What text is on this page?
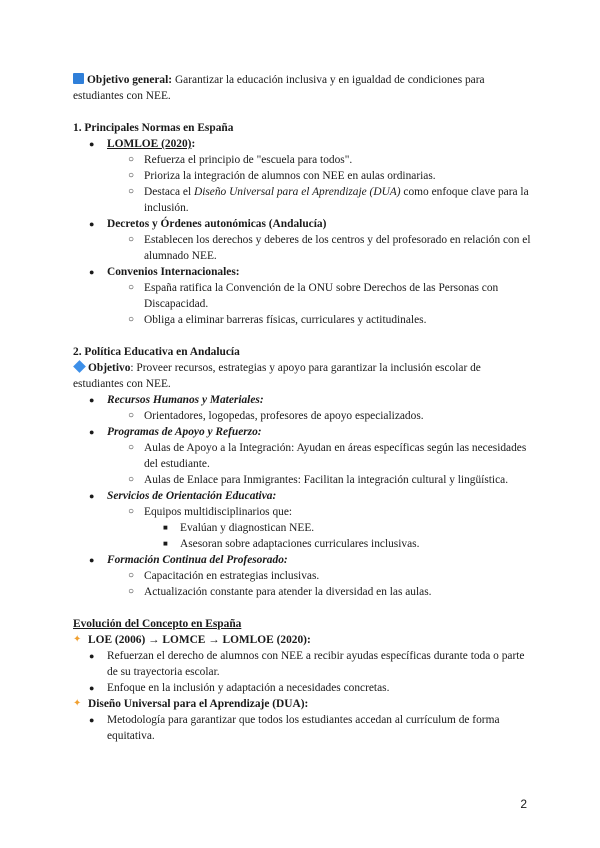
Objetivo general: Garantizar la educación inclusiva y en igualdad de condiciones para estudiantes con NEE.

1. Principales Normas en España

● LOMLOE (2020):
○ Refuerza el principio de "escuela para todos".
○ Prioriza la integración de alumnos con NEE en aulas ordinarias.
○ Destaca el Diseño Universal para el Aprendizaje (DUA) como enfoque clave para la inclusión.
● Decretos y Órdenes autonómicas (Andalucía)
○ Establecen los derechos y deberes de los centros y del profesorado en relación con el alumnado NEE.
● Convenios Internacionales:
○ España ratifica la Convención de la ONU sobre Derechos de las Personas con Discapacidad.
○ Obliga a eliminar barreras físicas, curriculares y actitudinales.

2. Política Educativa en Andalucía

Objetivo: Proveer recursos, estrategias y apoyo para garantizar la inclusión escolar de estudiantes con NEE.

● Recursos Humanos y Materiales:
○ Orientadores, logopedas, profesores de apoyo especializados.
● Programas de Apoyo y Refuerzo:
○ Aulas de Apoyo a la Integración: Ayudan en áreas específicas según las necesidades del estudiante.
○ Aulas de Enlace para Inmigrantes: Facilitan la integración cultural y lingüística.
● Servicios de Orientación Educativa:
○ Equipos multidisciplinarios que:
■ Evalúan y diagnostican NEE.
■ Asesoran sobre adaptaciones curriculares inclusivas.
● Formación Continua del Profesorado:
○ Capacitación en estrategias inclusivas.
○ Actualización constante para atender la diversidad en las aulas.

Evolución del Concepto en España

✦ LOE (2006) → LOMCE → LOMLOE (2020):
● Refuerzan el derecho de alumnos con NEE a recibir ayudas específicas durante toda o parte de su trayectoria escolar.
● Enfoque en la inclusión y adaptación a necesidades concretas.
✦ Diseño Universal para el Aprendizaje (DUA):
● Metodología para garantizar que todos los estudiantes accedan al currículum de forma equitativa.
2
